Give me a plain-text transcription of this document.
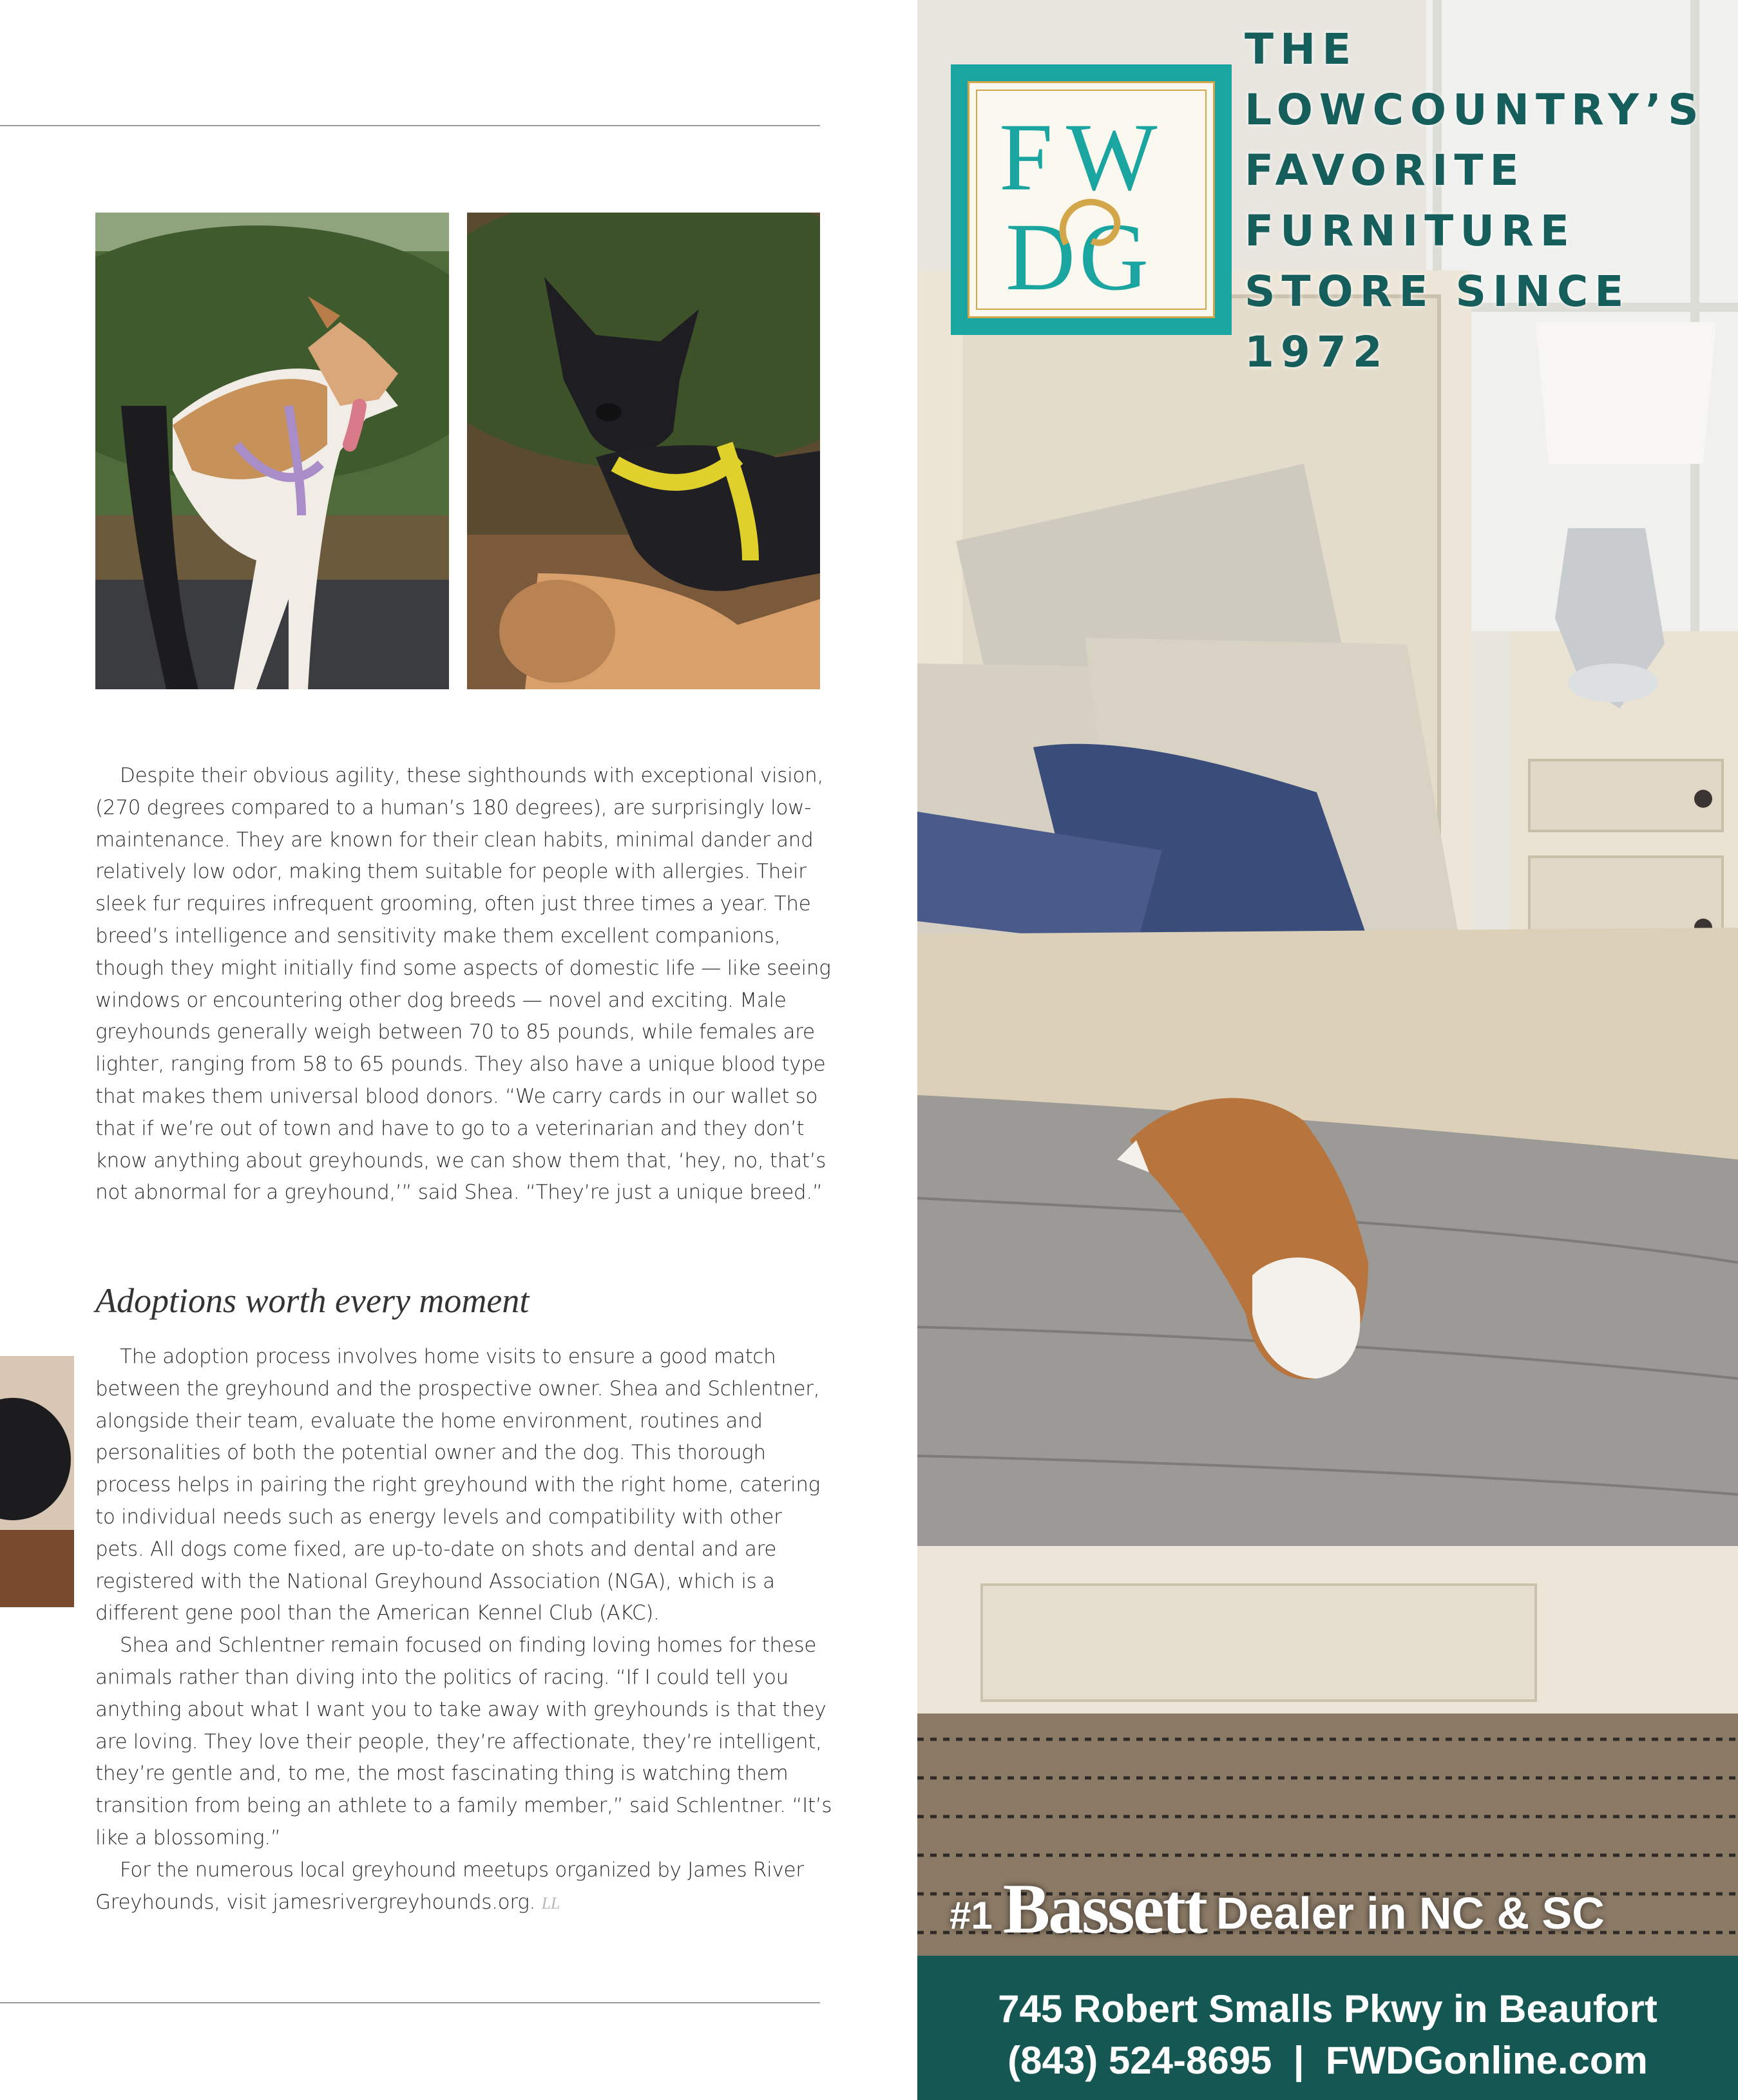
Despite their obvious agility, these sighthounds with exceptional vision, (270 degrees compared to a human’s 180 degrees), are surprisingly low-maintenance. They are known for their clean habits, minimal dander and relatively low odor, making them suitable for people with allergies. Their sleek fur requires infrequent grooming, often just three times a year. The breed’s intelligence and sensitivity make them excellent companions, though they might initially find some aspects of domestic life — like seeing windows or encountering other dog breeds — novel and exciting. Male greyhounds generally weigh between 70 to 85 pounds, while females are lighter, ranging from 58 to 65 pounds. They also have a unique blood type that makes them universal blood donors. “We carry cards in our wallet so that if we’re out of town and have to go to a veterinarian and they don’t know anything about greyhounds, we can show them that, ‘hey, no, that’s not abnormal for a greyhound,’” said Shea. “They’re just a unique breed.”

Adoptions worth every moment

The adoption process involves home visits to ensure a good match between the greyhound and the prospective owner. Shea and Schlentner, alongside their team, evaluate the home environment, routines and personalities of both the potential owner and the dog. This thorough process helps in pairing the right greyhound with the right home, catering to individual needs such as energy levels and compatibility with other pets. All dogs come fixed, are up-to-date on shots and dental and are registered with the National Greyhound Association (NGA), which is a different gene pool than the American Kennel Club (AKC).

Shea and Schlentner remain focused on finding loving homes for these animals rather than diving into the politics of racing. “If I could tell you anything about what I want you to take away with greyhounds is that they are loving. They love their people, they’re affectionate, they’re intelligent, they’re gentle and, to me, the most fascinating thing is watching them transition from being an athlete to a family member,” said Schlentner. “It’s like a blossoming.”

For the numerous local greyhound meetups organized by James River Greyhounds, visit jamesrivergreyhounds.org. LL

F W
D G
THE
LOWCOUNTRY’S
FAVORITE
FURNITURE
STORE SINCE
1972
#1 Bassett Dealer in NC & SC
745 Robert Smalls Pkwy in Beaufort
(843) 524-8695  |  FWDGonline.com
